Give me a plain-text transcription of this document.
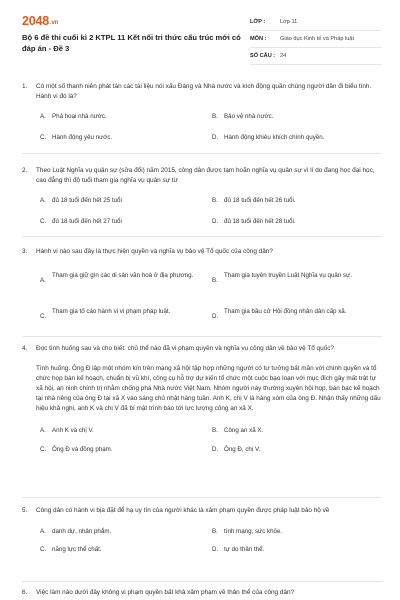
2048.vn
Bộ 6 đề thi cuối kì 2 KTPL 11 Kết nối tri thức cấu trúc mới có đáp án - Đề 3
LỚP :	Lớp 11
MÔN :	Giáo dục Kinh tế và Pháp luật
SỐ CÂU : 24
1. Có một số thanh niên phát tán các tài liệu nói xấu Đảng và Nhà nước và kích động quần chúng người dân đi biểu tình. Hành vi đó là?
A. Phá hoại nhà nước.	B. Bảo vệ nhà nước.
C. Hành động yêu nước.	D. Hành động khiêu khích chính quyền.
2. Theo Luật Nghĩa vụ quân sự (sửa đổi) năm 2015, công dân được tạm hoãn nghĩa vụ quân sự vì lí do đang học đại học, cao đẳng thì độ tuổi tham gia nghĩa vụ quân sự từ
A. đủ 18 tuổi đến hết 25 tuổi	B. đủ 18 tuổi đến hết 26 tuổi.
C. đủ 18 tuổi đến hết 27 tuổi	D. đủ 18 tuổi đến hết 28 tuổi.
3. Hành vi nào sau đây là thực hiện quyền và nghĩa vụ bảo vệ Tổ quốc của công dân?
A.
Tham gia giữ gìn các di sản văn hoá ở địa phương.
B.
Tham gia tuyên truyền Luật Nghĩa vụ quân sự.
C.
Tham gia tố cáo hành vi vi phạm pháp luật.
D.
Tham gia bầu cử Hội đồng nhân dân cấp xã.
4. Đọc tình huống sau và cho biết: chủ thể nào đã vi phạm quyền và nghĩa vụ công dân về bảo vệ Tổ quốc?
Tình huống. Ông Đ lập một nhóm kín trên mạng xã hội tập hợp những người có tư tưởng bất mãn với chính quyền và tổ chức họp bàn kế hoạch, chuẩn bị vũ khí, công cụ hỗ trợ dự kiến tổ chức một cuộc bạo loạn với mục đích gây mất trật tự xã hội, an ninh chính trị nhằm chống phá Nhà nước Việt Nam. Nhóm người này thường xuyên hội họp, bàn bạc kế hoạch tại nhà riêng của ông Đ tại xã X vào sáng chủ nhật hàng tuần. Anh K, chị V là hàng xóm của ông Đ. Nhận thấy những dấu hiệu khả nghi, anh K và chị V đã bí mật trình báo tới lực lượng công an xã X.
A. Anh K và chị V.	B. Công an xã X.
C. Ông Đ và đồng phạm.	D. Ông Đ, chị V.
5. Công dân có hành vi bịa đặt để hạ uy tín của người khác là xâm phạm quyền được pháp luật bảo hộ về
A. danh dự, nhân phẩm.	B. tính mạng, sức khỏe.
C. năng lực thể chất.	D. tự do thân thể.
6. Việc làm nào dưới đây không vi phạm quyền bất khả xâm phạm về thân thể của công dân?
